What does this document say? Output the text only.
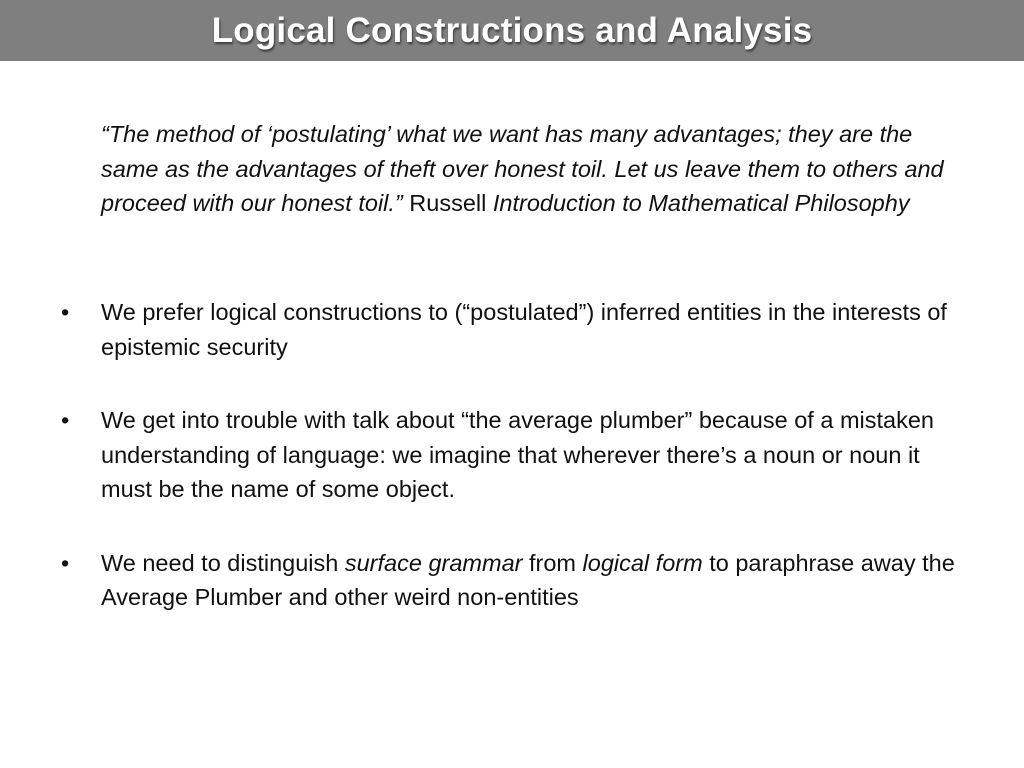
Logical Constructions and Analysis
“The method of ‘postulating’ what we want has many advantages; they are the same as the advantages of theft over honest toil. Let us leave them to others and proceed with our honest toil.” Russell Introduction to Mathematical Philosophy
•	We prefer logical constructions to (“postulated”) inferred entities in the interests of epistemic security
•	We get into trouble with talk about “the average plumber” because of a mistaken understanding of language: we imagine that wherever there’s a noun or noun it must be the name of some object.
•	We need to distinguish surface grammar from logical form to paraphrase away the Average Plumber and other weird non-entities
